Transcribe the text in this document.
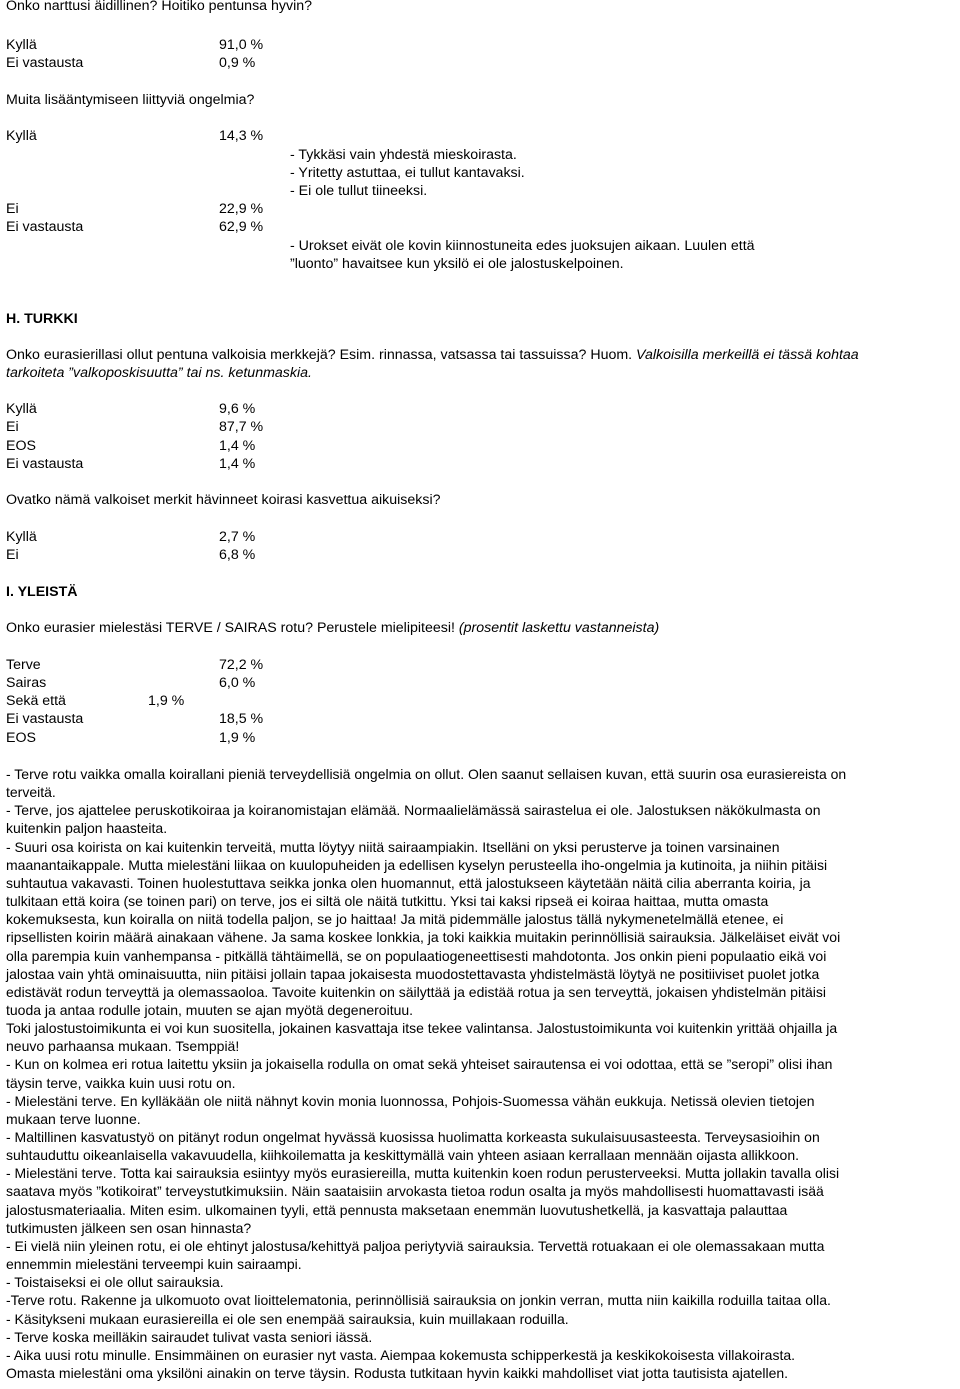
Onko narttusi äidillinen? Hoitiko pentunsa hyvin?
Kyllä	91,0 %
Ei vastausta	0,9 %
Muita lisääntymiseen liittyviä ongelmia?
Kyllä	14,3 %
- Tykkäsi vain yhdestä mieskoirasta.
- Yritetty astuttaa, ei tullut kantavaksi.
- Ei ole tullut tiineeksi.
Ei	22,9 %
Ei vastausta	62,9 %
- Urokset eivät ole kovin kiinnostuneita edes juoksujen aikaan. Luulen että
”luonto” havaitsee kun yksilö ei ole jalostuskelpoinen.
H. TURKKI
Onko eurasierillasi ollut pentuna valkoisia merkkejä? Esim. rinnassa, vatsassa tai tassuissa? Huom. Valkoisilla merkeillä ei tässä kohtaa
tarkoiteta ”valkoposkisuutta” tai ns. ketunmaskia.
Kyllä	9,6 %
Ei	87,7 %
EOS	1,4 %
Ei vastausta	1,4 %
Ovatko nämä valkoiset merkit hävinneet koirasi kasvettua aikuiseksi?
Kyllä	2,7 %
Ei	6,8 %
I. YLEISTÄ
Onko eurasier mielestäsi TERVE / SAIRAS rotu? Perustele mielipiteesi! (prosentit laskettu vastanneista)
Terve	72,2 %
Sairas	6,0 %
Sekä että	1,9 %
Ei vastausta	18,5 %
EOS	1,9 %
- Terve rotu vaikka omalla koirallani pieniä terveydellisiä ongelmia on ollut. Olen saanut sellaisen kuvan, että suurin osa eurasiereista on
terveitä.
- Terve, jos ajattelee peruskotikoiraa ja koiranomistajan elämää. Normaalielämässä sairastelua ei ole. Jalostuksen näkökulmasta on
kuitenkin paljon haasteita.
- Suuri osa koirista on kai kuitenkin terveitä, mutta löytyy niitä sairaampiakin. Itselläni on yksi perusterve ja toinen varsinainen
maanantaikappale. Mutta mielestäni liikaa on kuulopuheiden ja edellisen kyselyn perusteella iho-ongelmia ja kutinoita, ja niihin pitäisi
suhtautua vakavasti. Toinen huolestuttava seikka jonka olen huomannut, että jalostukseen käytetään näitä cilia aberranta koiria, ja
tulkitaan että koira (se toinen pari) on terve, jos ei siltä ole näitä tutkittu. Yksi tai kaksi ripseä ei koiraa haittaa, mutta omasta
kokemuksesta, kun koiralla on niitä todella paljon, se jo haittaa! Ja mitä pidemmälle jalostus tällä nykymenetelmällä etenee, ei
ripsellisten koirin määrä ainakaan vähene. Ja sama koskee lonkkia, ja toki kaikkia muitakin perinnöllisiä sairauksia. Jälkeläiset eivät voi
olla parempia kuin vanhempansa - pitkällä tähtäimellä, se on populaatiogeneettisesti mahdotonta. Jos onkin pieni populaatio eikä voi
jalostaa vain yhtä ominaisuutta, niin pitäisi jollain tapaa jokaisesta muodostettavasta yhdistelmästä löytyä ne positiiviset puolet jotka
edistävät rodun terveyttä ja olemassaoloa. Tavoite kuitenkin on säilyttää ja edistää rotua ja sen terveyttä, jokaisen yhdistelmän pitäisi
tuoda ja antaa rodulle jotain, muuten se ajan myötä degeneroituu.
Toki jalostustoimikunta ei voi kun suositella, jokainen kasvattaja itse tekee valintansa. Jalostustoimikunta voi kuitenkin yrittää ohjailla ja
neuvo parhaansa mukaan. Tsemppiä!
- Kun on kolmea eri rotua laitettu yksiin ja jokaisella rodulla on omat sekä yhteiset sairautensa ei voi odottaa, että se ”seropi” olisi ihan
täysin terve, vaikka kuin uusi rotu on.
- Mielestäni terve. En kylläkään ole niitä nähnyt kovin monia luonnossa, Pohjois-Suomessa vähän eukkuja. Netissä olevien tietojen
mukaan terve luonne.
- Maltillinen kasvatustyö on pitänyt rodun ongelmat hyvässä kuosissa huolimatta korkeasta sukulaisuusasteesta. Terveysasioihin on
suhtauduttu oikeanlaisella vakavuudella, kiihkoilematta ja keskittymällä vain yhteen asiaan kerrallaan mennään oijasta allikkoon.
- Mielestäni terve. Totta kai sairauksia esiintyy myös eurasiereilla, mutta kuitenkin koen rodun perusterveeksi. Mutta jollakin tavalla olisi
saatava myös ”kotikoirat” terveystutkimuksiin. Näin saataisiin arvokasta tietoa rodun osalta ja myös mahdollisesti huomattavasti isää
jalostusmateriaalia. Miten esim. ulkomainen tyyli, että pennusta maksetaan enemmän luovutushetkellä, ja kasvattaja palauttaa
tutkimusten jälkeen sen osan hinnasta?
- Ei vielä niin yleinen rotu, ei ole ehtinyt jalostusa/kehittyä paljoa periytyviä sairauksia. Tervettä rotuakaan ei ole olemassakaan mutta
ennemmin mielestäni terveempi kuin sairaampi.
- Toistaiseksi ei ole ollut sairauksia.
-Terve rotu. Rakenne ja ulkomuoto ovat lioittelematonia, perinnöllisiä sairauksia on jonkin verran, mutta niin kaikilla roduilla taitaa olla.
- Käsitykseni mukaan eurasiereilla ei ole sen enempää sairauksia, kuin muillakaan roduilla.
- Terve koska meilläkin sairaudet tulivat vasta seniori iässä.
- Aika uusi rotu minulle. Ensimmäinen on eurasier nyt vasta. Aiempaa kokemusta schipperkestä ja keskikokoisesta villakoirasta.
Omasta mielestäni oma yksilöni ainakin on terve täysin. Rodusta tutkitaan hyvin kaikki mahdolliset viat jotta tautisista ajatellen.
